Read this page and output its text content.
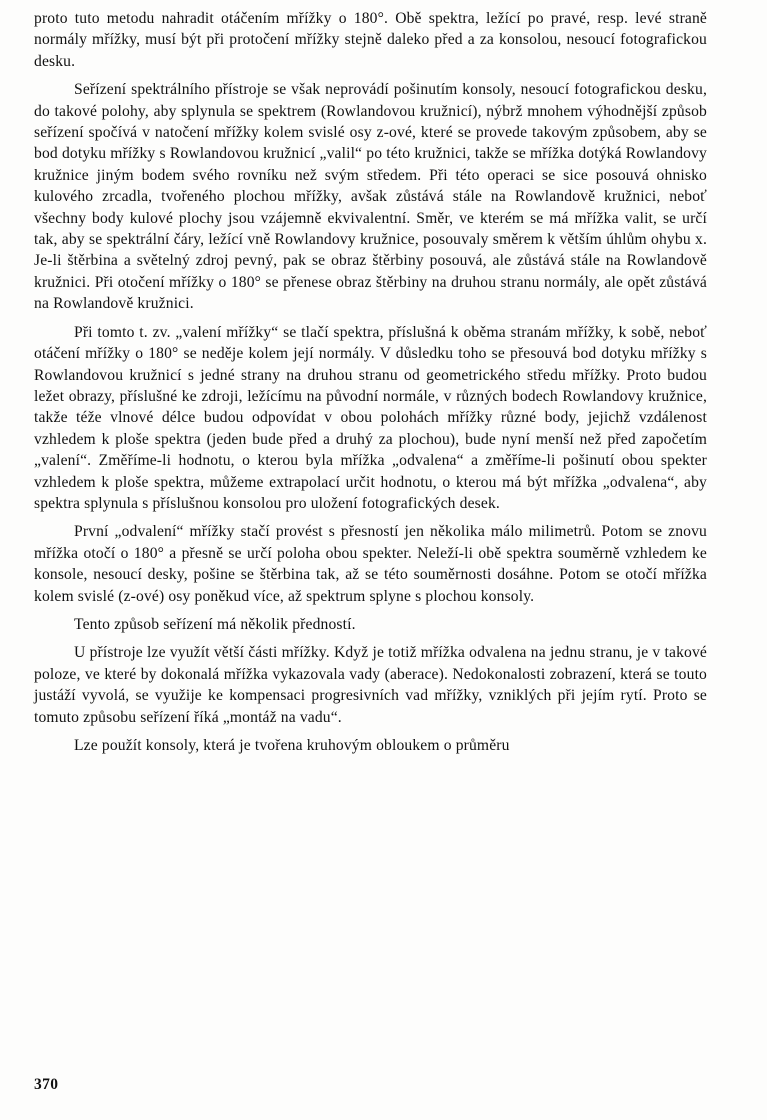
proto tuto metodu nahradit otáčením mřížky o 180°. Obě spektra, ležící po pravé, resp. levé straně normály mřížky, musí být při protočení mřížky stejně daleko před a za konsolou, nesoucí fotografickou desku.

Seřízení spektrálního přístroje se však neprovádí pošinutím konsoly, nesoucí fotografickou desku, do takové polohy, aby splynula se spektrem (Rowlandovou kružnicí), nýbrž mnohem výhodnější způsob seřízení spočívá v natočení mřížky kolem svislé osy z-ové, které se provede takovým způsobem, aby se bod dotyku mřížky s Rowlandovou kružnicí „valil“ po této kružnici, takže se mřížka dotýká Rowlandovy kružnice jiným bodem svého rovníku než svým středem. Při této operaci se sice posouvá ohnisko kulového zrcadla, tvořeného plochou mřížky, avšak zůstává stále na Rowlandově kružnici, neboť všechny body kulové plochy jsou vzájemně ekvivalentní. Směr, ve kterém se má mřížka valit, se určí tak, aby se spektrální čáry, ležící vně Rowlandovy kružnice, posouvaly směrem k větším úhlům ohybu x. Je-li štěrbina a světelný zdroj pevný, pak se obraz štěrbiny posouvá, ale zůstává stále na Rowlandově kružnici. Při otočení mřížky o 180° se přenese obraz štěrbiny na druhou stranu normály, ale opět zůstává na Rowlandově kružnici.

Při tomto t. zv. „valení mřížky“ se tlačí spektra, příslušná k oběma stranám mřížky, k sobě, neboť otáčení mřížky o 180° se neděje kolem její normály. V důsledku toho se přesouvá bod dotyku mřížky s Rowlandovou kružnicí s jedné strany na druhou stranu od geometrického středu mřížky. Proto budou ležet obrazy, příslušné ke zdroji, ležícímu na původní normále, v různých bodech Rowlandovy kružnice, takže téže vlnové délce budou odpovídat v obou polohách mřížky různé body, jejichž vzdálenost vzhledem k ploše spektra (jeden bude před a druhý za plochou), bude nyní menší než před započetím „valení“. Změříme-li hodnotu, o kterou byla mřížka „odvalena“ a změříme-li pošinutí obou spekter vzhledem k ploše spektra, můžeme extrapolací určit hodnotu, o kterou má být mřížka „odvalena“, aby spektra splynula s příslušnou konsolou pro uložení fotografických desek.

První „odvalení“ mřížky stačí provést s přesností jen několika málo milimetrů. Potom se znovu mřížka otočí o 180° a přesně se určí poloha obou spekter. Neleží-li obě spektra souměrně vzhledem ke konsole, nesoucí desky, pošine se štěrbina tak, až se této souměrnosti dosáhne. Potom se otočí mřížka kolem svislé (z-ové) osy poněkud více, až spektrum splyne s plochou konsoly.

Tento způsob seřízení má několik předností.

U přístroje lze využít větší části mřížky. Když je totiž mřížka odvalena na jednu stranu, je v takové poloze, ve které by dokonalá mřížka vykazovala vady (aberace). Nedokonalosti zobrazení, která se touto justáží vyvolá, se využije ke kompensaci progresivních vad mřížky, vzniklých při jejím rytí. Proto se tomuto způsobu seřízení říká „montáž na vadu“.

Lze použít konsoly, která je tvořena kruhovým obloukem o průměru

370
